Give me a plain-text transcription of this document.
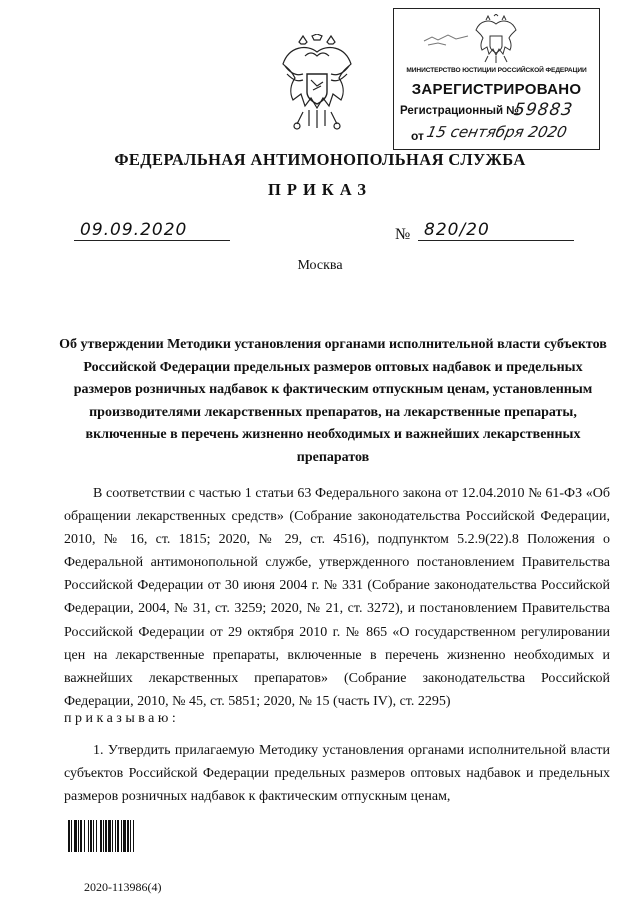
МИНИСТЕРСТВО ЮСТИЦИИ РОССИЙСКОЙ ФЕДЕРАЦИИ
ЗАРЕГИСТРИРОВАНО
Регистрационный №
59883
от 15 сентября 2020
ФЕДЕРАЛЬНАЯ АНТИМОНОПОЛЬНАЯ СЛУЖБА
ПРИКАЗ
09.09.2020	№ 820/20
Москва
Об утверждении Методики установления органами исполнительной власти субъектов Российской Федерации предельных размеров оптовых надбавок и предельных размеров розничных надбавок к фактическим отпускным ценам, установленным производителями лекарственных препаратов, на лекарственные препараты, включенные в перечень жизненно необходимых и важнейших лекарственных препаратов
В соответствии с частью 1 статьи 63 Федерального закона от 12.04.2010 № 61-ФЗ «Об обращении лекарственных средств» (Собрание законодательства Российской Федерации, 2010, № 16, ст. 1815; 2020, № 29, ст. 4516), подпунктом 5.2.9(22).8 Положения о Федеральной антимонопольной службе, утвержденного постановлением Правительства Российской Федерации от 30 июня 2004 г. № 331 (Собрание законодательства Российской Федерации, 2004, № 31, ст. 3259; 2020, № 21, ст. 3272), и постановлением Правительства Российской Федерации от 29 октября 2010 г. № 865 «О государственном регулировании цен на лекарственные препараты, включенные в перечень жизненно необходимых и важнейших лекарственных препаратов» (Собрание законодательства Российской Федерации, 2010, № 45, ст. 5851; 2020, № 15 (часть IV), ст. 2295)
приказываю:
1. Утвердить прилагаемую Методику установления органами исполнительной власти субъектов Российской Федерации предельных размеров оптовых надбавок и предельных размеров розничных надбавок к фактическим отпускным ценам,
2020-113986(4)
